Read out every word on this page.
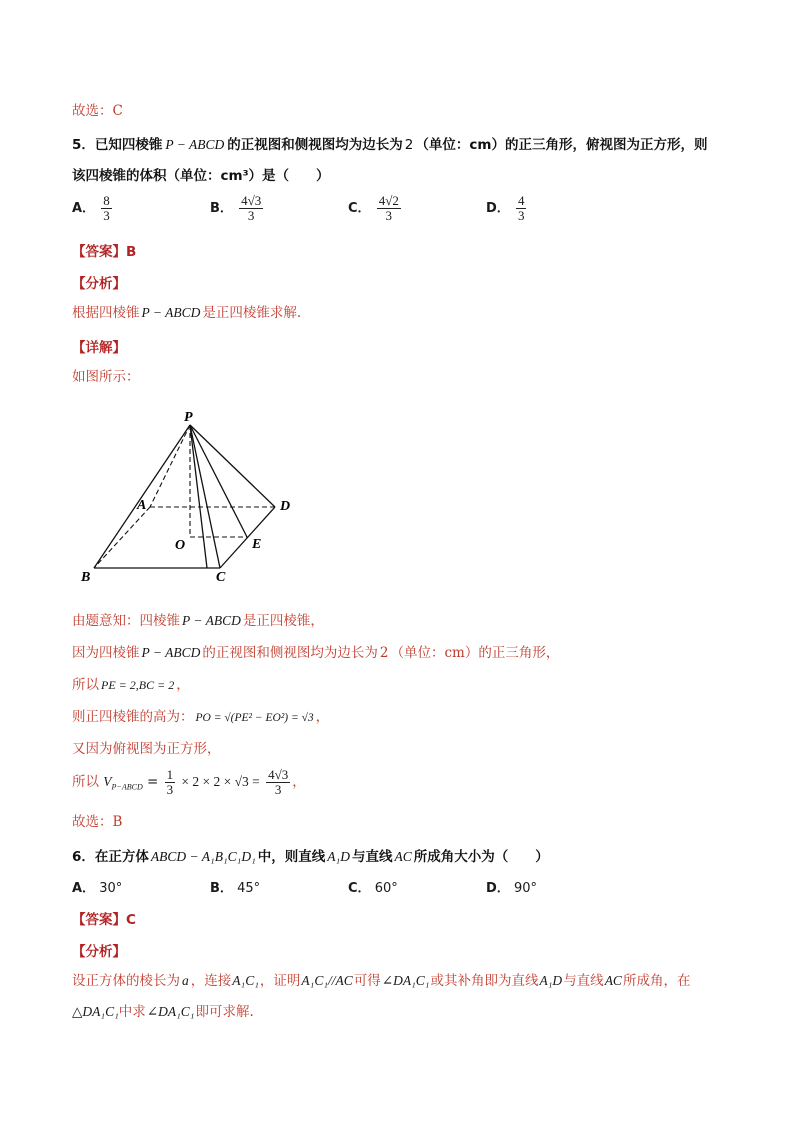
故选：C
5．已知四棱锥 P − ABCD 的正视图和侧视图均为边长为 2 （单位：cm）的正三角形，俯视图为正方形，则
该四棱锥的体积（单位：cm³）是（　　）
A． $\frac{8}{3}$	B． $\frac{4√3}{3}$	C． $\frac{4√2}{3}$	D． $\frac{4}{3}$
【答案】B
【分析】
根据四棱锥 P − ABCD 是正四棱锥求解.
【详解】
如图所示：
P
A
B	C
D
O	E
由题意知：四棱锥 P − ABCD 是正四棱锥，
因为四棱锥 P − ABCD 的正视图和侧视图均为边长为 2 （单位：cm）的正三角形，
所以 PE = 2,BC = 2 ，
则正四棱锥的高为： PO = √(PE² − EO²) = √3 ，
又因为俯视图为正方形，
所以 $V_{P-ABCD} = \frac{1}{3} \times 2 \times 2 \times √3 = \frac{4√3}{3}$ ，
故选：B
6．在正方体 ABCD − A₁B₁C₁D₁ 中，则直线 A₁D 与直线 AC 所成角大小为（　　）
A． 30°	B． 45°	C． 60°	D． 90°
【答案】C
【分析】
设正方体的棱长为 a ，连接A₁C₁，证明A₁C₁//AC可得∠DA₁C₁或其补角即为直线A₁D与直线AC所成角，在
△DA₁C₁中求∠DA₁C₁即可求解.
